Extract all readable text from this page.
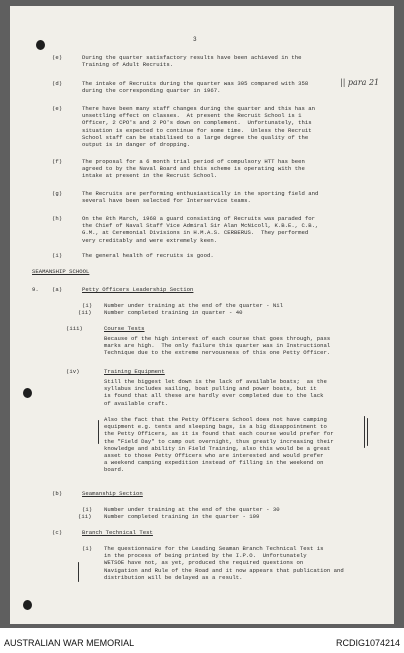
3
(e)	During the quarter satisfactory results have been achieved in the
Training of Adult Recruits.
(d)	The intake of Recruits during the quarter was 305 compared with 358
during the corresponding quarter in 1967.
(e)	There have been many staff changes during the quarter and this has an
unsettling effect on classes.  At present the Recruit School is 1
Officer, 2 CPO's and 2 PO's down on complement.  Unfortunately, this
situation is expected to continue for some time.  Unless the Recruit
School staff can be stabilised to a large degree the quality of the
output is in danger of dropping.
(f)	The proposal for a 6 month trial period of compulsory HTT has been
agreed to by the Naval Board and this scheme is operating with the
intake at present in the Recruit School.
(g)	The Recruits are performing enthusiastically in the sporting field and
several have been selected for Interservice teams.
(h)	On the 8th March, 1968 a guard consisting of Recruits was paraded for
the Chief of Naval Staff Vice Admiral Sir Alan McNicoll, K.B.E., C.B.,
G.M., at Ceremonial Divisions in H.M.A.S. CERBERUS.  They performed
very creditably and were extremely keen.
(i)	The general health of recruits is good.
|| para 21
SEAMANSHIP SCHOOL
9. (a)	Petty Officers Leadership Section
(i) Number under training at the end of the quarter - Nil
(ii) Number completed training in quarter - 40
(iii)	Course Tests
Because of the high interest of each course that goes through, pass
marks are high.  The only failure this quarter was in Instructional
Technique due to the extreme nervousness of this one Petty Officer.
(iv)	Training Equipment
Still the biggest let down is the lack of available boats;  as the
syllabus includes sailing, boat pulling and power boats, but it
is found that all these are hardly ever completed due to the lack
of available craft.
Also the fact that the Petty Officers School does not have camping
equipment e.g. tents and sleeping bags, is a big disappointment to
the Petty Officers, as it is found that each course would prefer for
the "Field Day" to camp out overnight, thus greatly increasing their
knowledge and ability in Field Training, also this would be a great
asset to those Petty Officers who are interested and would prefer
a weekend camping expedition instead of filling in the weekend on
board.
(b)	Seamanship Section
(i) Number under training at the end of the quarter - 30
(ii) Number completed training in the quarter - 109
(c)	Branch Technical Test
(i) The questionnaire for the Leading Seaman Branch Technical Test is
in the process of being printed by the I.P.O.  Unfortunately
WETSOE have not, as yet, produced the required questions on
Navigation and Rule of the Road and it now appears that publication and
distribution will be delayed as a result.
AUSTRALIAN WAR MEMORIAL	RCDIG1074214
